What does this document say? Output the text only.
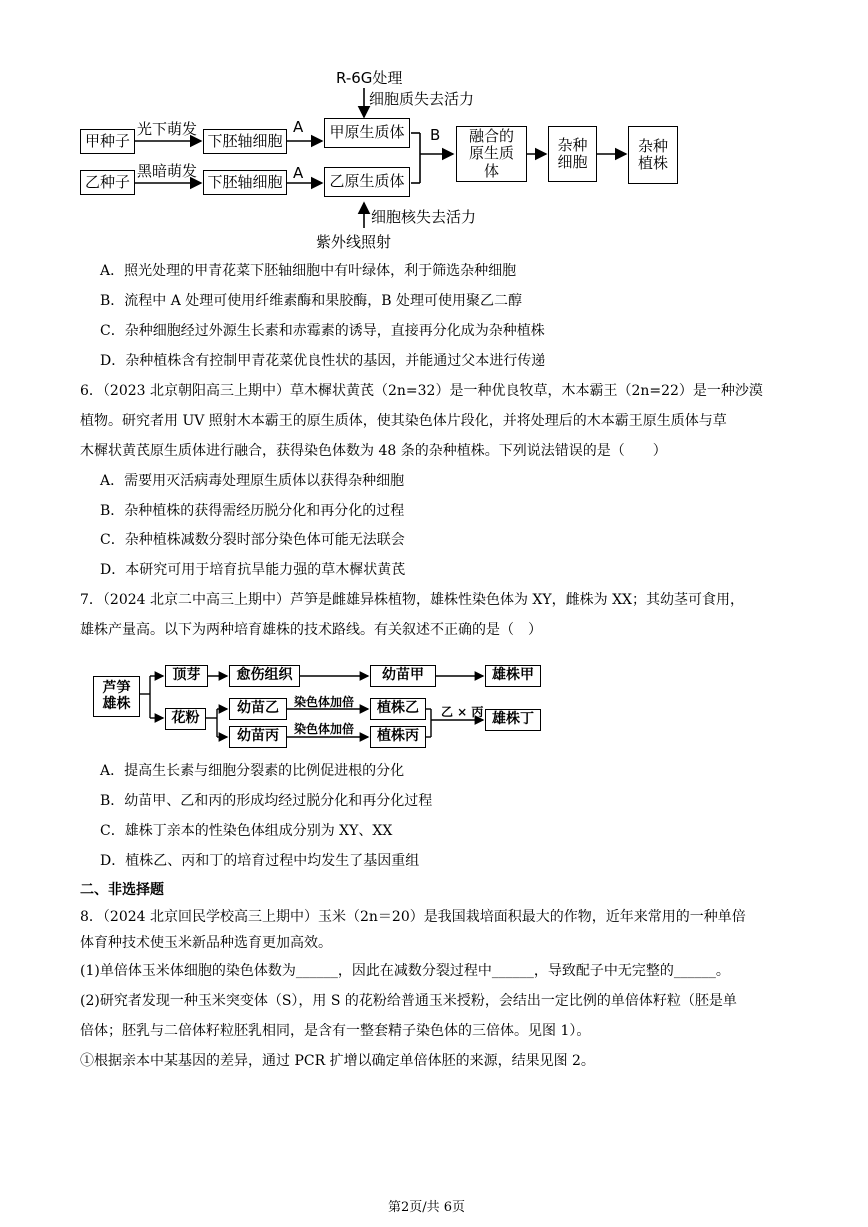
R-6G处理
细胞质失去活力
甲种子
乙种子
光下萌发
黑暗萌发
下胚轴细胞
下胚轴细胞
A
A
甲原生质体
乙原生质体
B	融合的原生质体
杂种细胞
杂种植株
细胞核失去活力
紫外线照射
A．照光处理的甲青花菜下胚轴细胞中有叶绿体，利于筛选杂种细胞
B．流程中 A 处理可使用纤维素酶和果胶酶，B 处理可使用聚乙二醇
C．杂种细胞经过外源生长素和赤霉素的诱导，直接再分化成为杂种植株
D．杂种植株含有控制甲青花菜优良性状的基因，并能通过父本进行传递
6．（2023 北京朝阳高三上期中）草木樨状黄芪（2n=32）是一种优良牧草，木本霸王（2n=22）是一种沙漠
植物。研究者用 UV 照射木本霸王的原生质体，使其染色体片段化，并将处理后的木本霸王原生质体与草
木樨状黄芪原生质体进行融合，获得染色体数为 48 条的杂种植株。下列说法错误的是（　　）
A．需要用灭活病毒处理原生质体以获得杂种细胞
B．杂种植株的获得需经历脱分化和再分化的过程
C．杂种植株减数分裂时部分染色体可能无法联会
D．本研究可用于培育抗旱能力强的草木樨状黄芪
7．（2024 北京二中高三上期中）芦笋是雌雄异株植物，雄株性染色体为 XY，雌株为 XX；其幼茎可食用，
雄株产量高。以下为两种培育雄株的技术路线。有关叙述不正确的是（　）
芦笋雄株
顶芽	愈伤组织	幼苗甲	雄株甲
花粉
幼苗乙
幼苗丙
染色体加倍
染色体加倍
植株乙
植株丙
乙 × 丙 雄株丁
A．提高生长素与细胞分裂素的比例促进根的分化
B．幼苗甲、乙和丙的形成均经过脱分化和再分化过程
C．雄株丁亲本的性染色体组成分别为 XY、XX
D．植株乙、丙和丁的培育过程中均发生了基因重组
二、非选择题
8．（2024 北京回民学校高三上期中）玉米（2n＝20）是我国栽培面积最大的作物，近年来常用的一种单倍
体育种技术使玉米新品种选育更加高效。
(1)单倍体玉米体细胞的染色体数为______，因此在减数分裂过程中______，导致配子中无完整的______。
(2)研究者发现一种玉米突变体（S），用 S 的花粉给普通玉米授粉，会结出一定比例的单倍体籽粒（胚是单
倍体；胚乳与二倍体籽粒胚乳相同，是含有一整套精子染色体的三倍体。见图 1）。
①根据亲本中某基因的差异，通过 PCR 扩增以确定单倍体胚的来源，结果见图 2。
第2页/共 6页
